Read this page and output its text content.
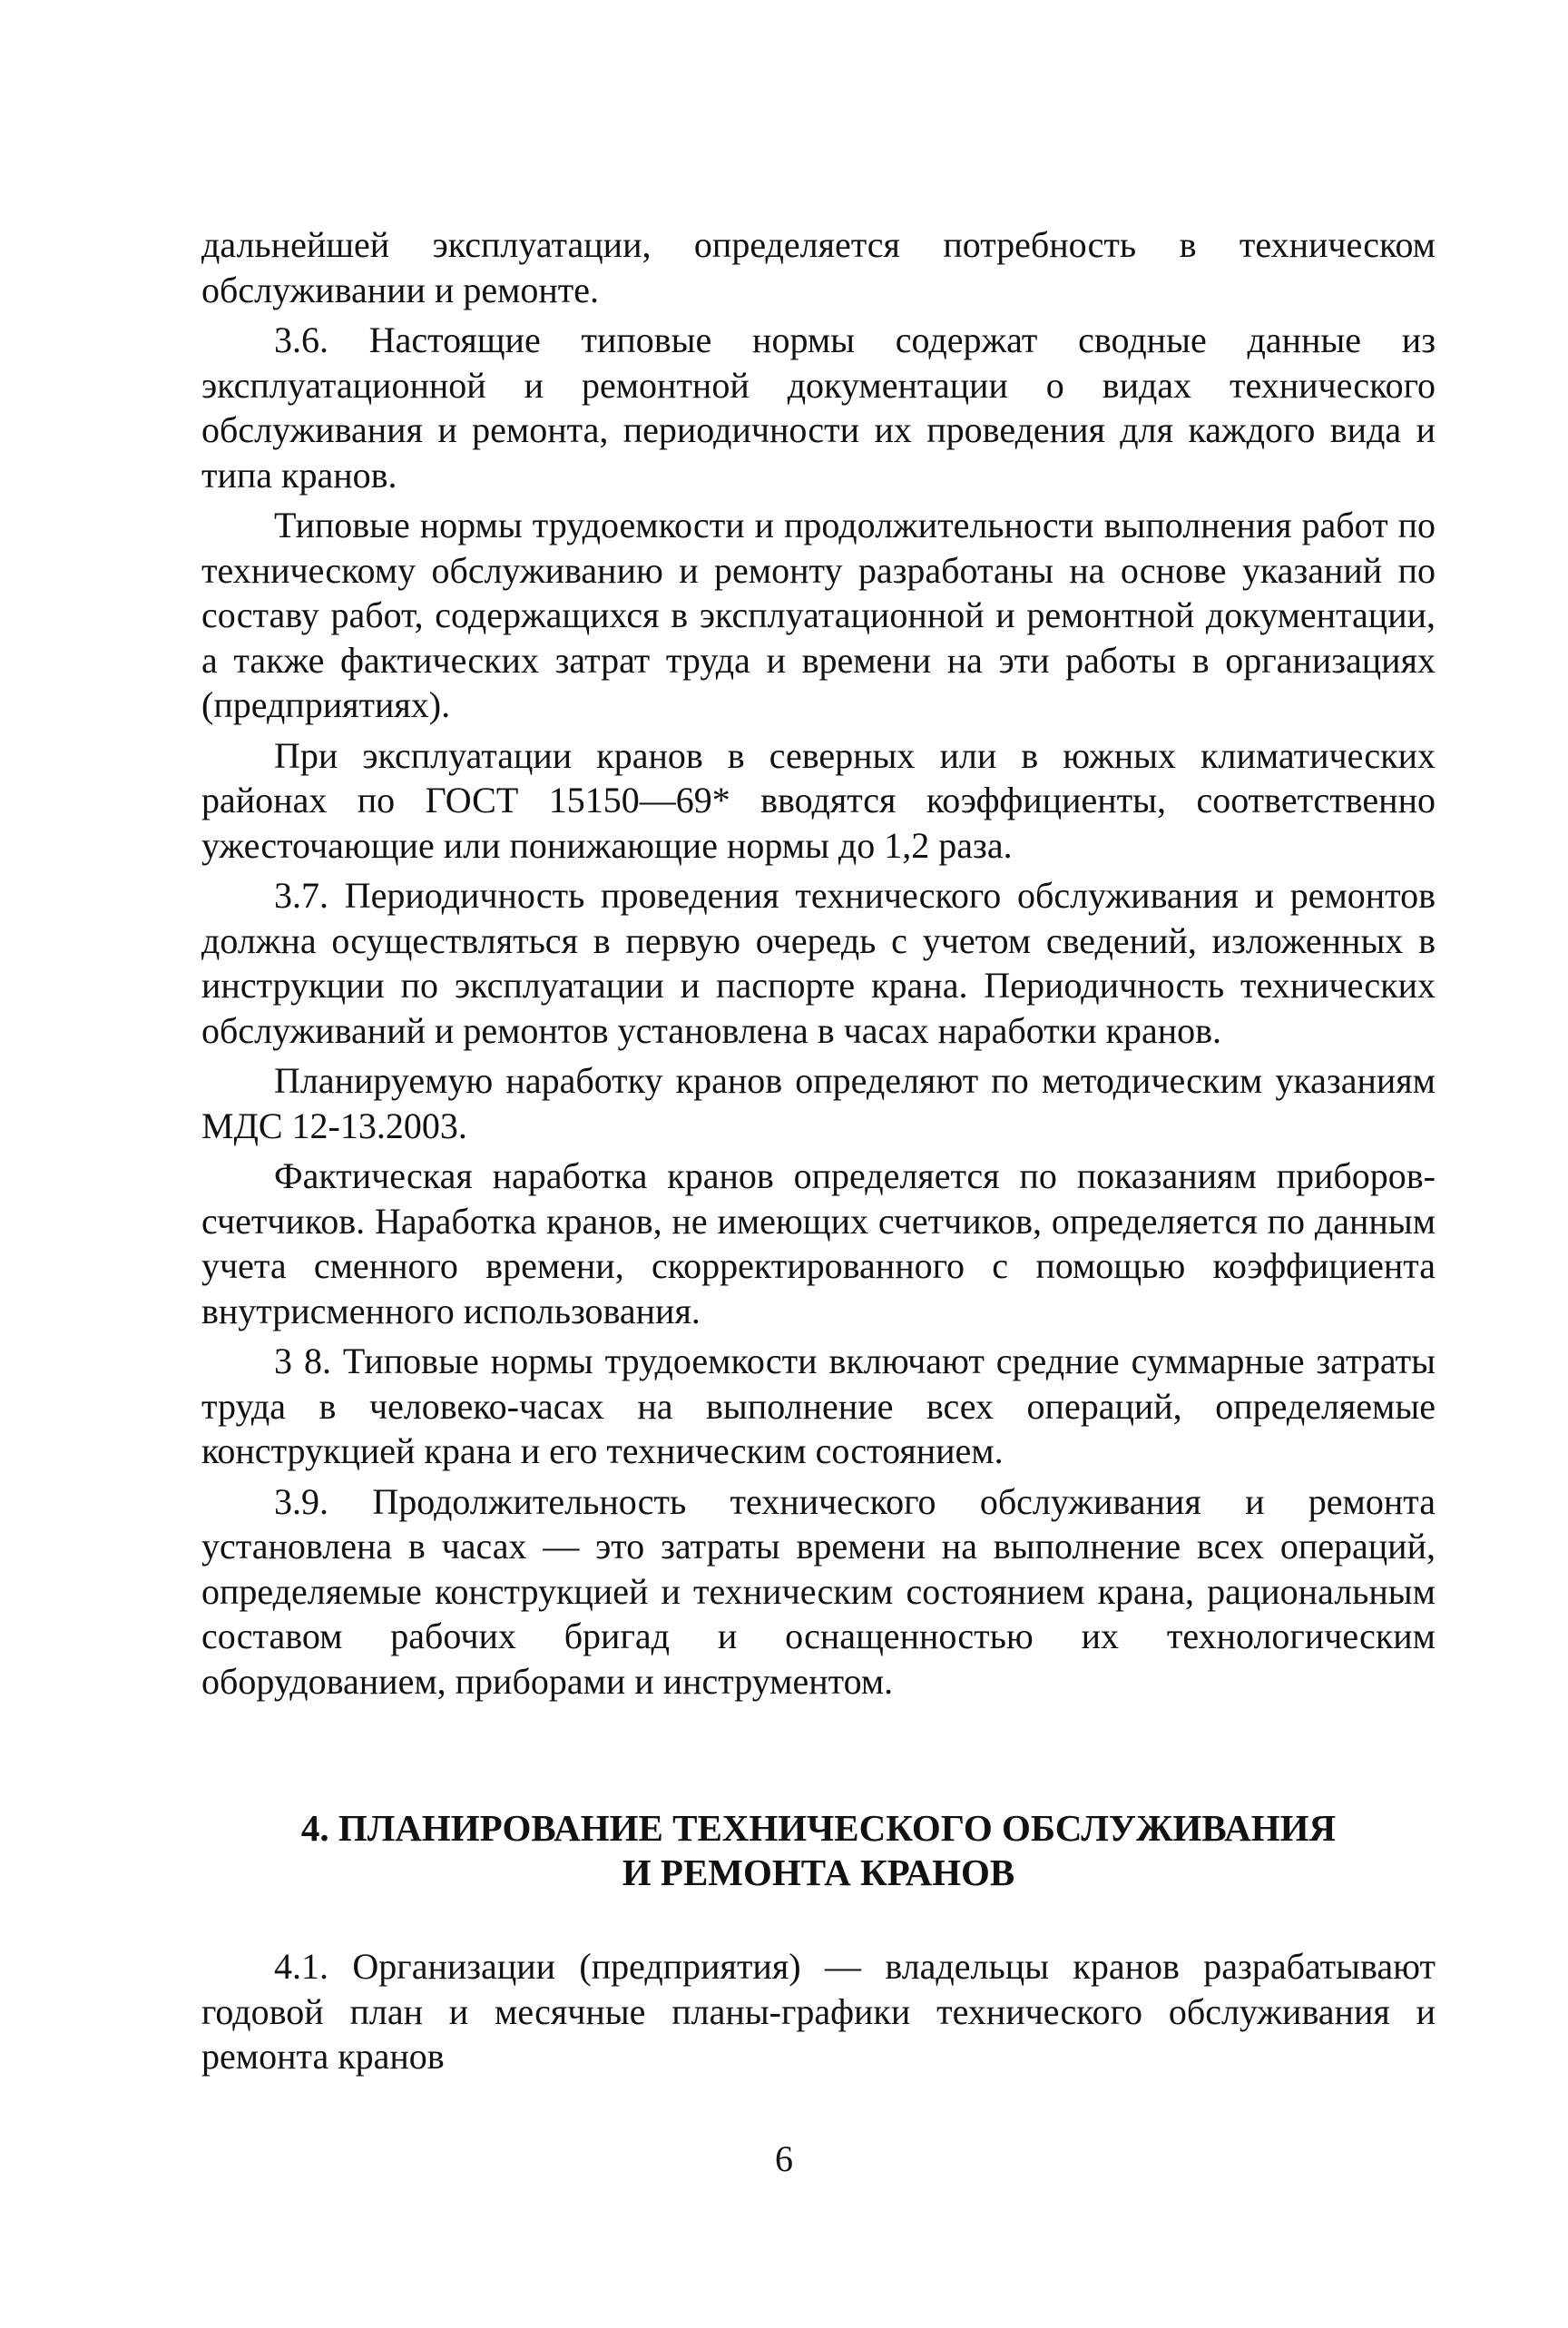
дальнейшей эксплуатации, определяется потребность в техническом обслуживании и ремонте.

3.6. Настоящие типовые нормы содержат сводные данные из эксплуатационной и ремонтной документации о видах технического обслуживания и ремонта, периодичности их проведения для каждого вида и типа кранов.

Типовые нормы трудоемкости и продолжительности выполнения работ по техническому обслуживанию и ремонту разработаны на основе указаний по составу работ, содержащихся в эксплуатационной и ремонтной документации, а также фактических затрат труда и времени на эти работы в организациях (предприятиях).

При эксплуатации кранов в северных или в южных климатических районах по ГОСТ 15150—69* вводятся коэффициенты, соответственно ужесточающие или понижающие нормы до 1,2 раза.

3.7. Периодичность проведения технического обслуживания и ремонтов должна осуществляться в первую очередь с учетом сведений, изложенных в инструкции по эксплуатации и паспорте крана. Периодичность технических обслуживаний и ремонтов установлена в часах наработки кранов.

Планируемую наработку кранов определяют по методическим указаниям МДС 12-13.2003.

Фактическая наработка кранов определяется по показаниям приборов-счетчиков. Наработка кранов, не имеющих счетчиков, определяется по данным учета сменного времени, скорректированного с помощью коэффициента внутрисменного использования.

3 8. Типовые нормы трудоемкости включают средние суммарные затраты труда в человеко-часах на выполнение всех операций, определяемые конструкцией крана и его техническим состоянием.

3.9. Продолжительность технического обслуживания и ремонта установлена в часах — это затраты времени на выполнение всех операций, определяемые конструкцией и техническим состоянием крана, рациональным составом рабочих бригад и оснащенностью их технологическим оборудованием, приборами и инструментом.

4. ПЛАНИРОВАНИЕ ТЕХНИЧЕСКОГО ОБСЛУЖИВАНИЯ
И РЕМОНТА КРАНОВ

4.1. Организации (предприятия) — владельцы кранов разрабатывают годовой план и месячные планы-графики технического обслуживания и ремонта кранов

6
